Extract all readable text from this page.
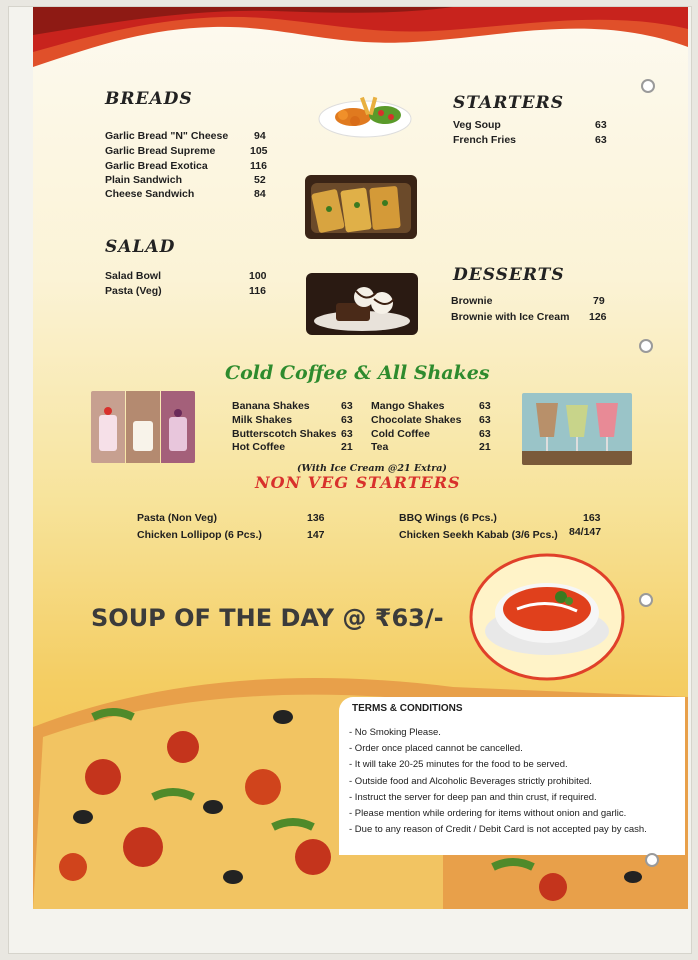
BREADS
Garlic Bread "N" Cheese 94
Garlic Bread Supreme	105
Garlic Bread Exotica	116
Plain Sandwich	52
Cheese Sandwich	84
SALAD
Salad Bowl	100
Pasta (Veg)	116
STARTERS
Veg Soup	63
French Fries	63
DESSERTS
Brownie	79
Brownie with Ice Cream 126
Cold Coffee & All Shakes
Banana Shakes	63
Milk Shakes	63
Butterscotch Shakes 63
Hot Coffee	21
Mango Shakes	63
Chocolate Shakes 63
Cold Coffee	63
Tea	21
(With Ice Cream @21 Extra)
NON VEG STARTERS
Pasta (Non Veg)	136
Chicken Lollipop (6 Pcs.)	147
BBQ Wings (6 Pcs.)	163
Chicken Seekh Kabab (3/6 Pcs.) 84/147
SOUP OF THE DAY @ ₹63/-
TERMS & CONDITIONS
- No Smoking Please.
- Order once placed cannot be cancelled.
- It will take 20-25 minutes for the food to be served.
- Outside food and Alcoholic Beverages strictly prohibited.
- Instruct the server for deep pan and thin crust, if required.
- Please mention while ordering for items without onion and garlic.
- Due to any reason of Credit / Debit Card is not accepted pay by cash.
